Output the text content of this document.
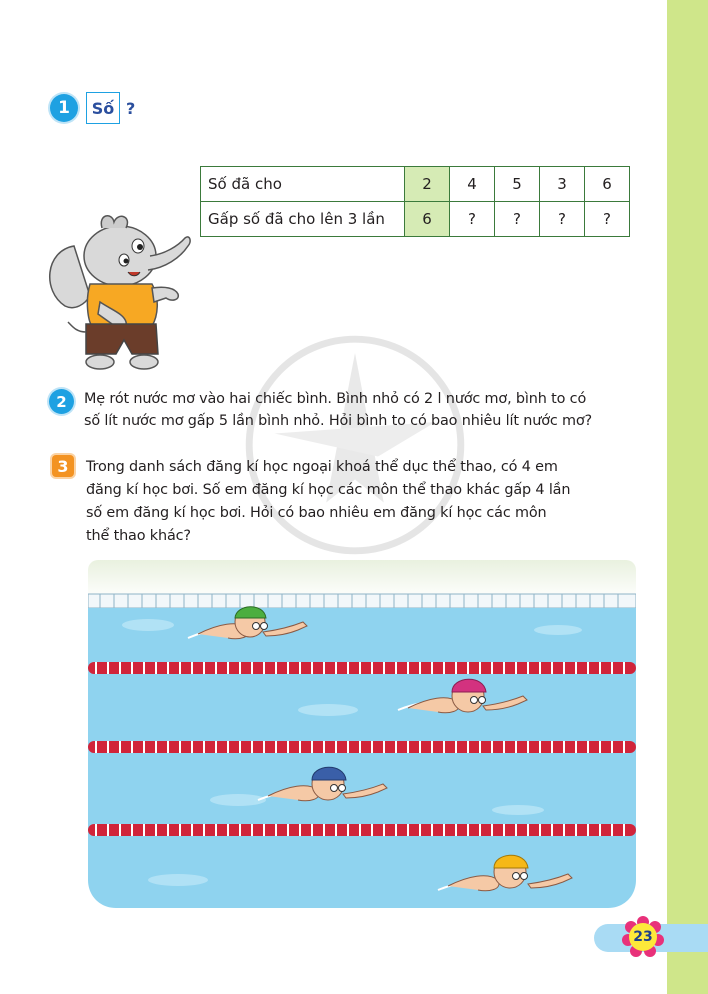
1 Số ?
Số đã cho	2	4	5	3	6
Gấp số đã cho lên 3 lần	6	?	?	?	?
2 Mẹ rót nước mơ vào hai chiếc bình. Bình nhỏ có 2 l nước mơ, bình to có
số lít nước mơ gấp 5 lần bình nhỏ. Hỏi bình to có bao nhiêu lít nước mơ?
3 Trong danh sách đăng kí học ngoại khoá thể dục thể thao, có 4 em
đăng kí học bơi. Số em đăng kí học các môn thể thao khác gấp 4 lần
số em đăng kí học bơi. Hỏi có bao nhiêu em đăng kí học các môn
thể thao khác?
23
